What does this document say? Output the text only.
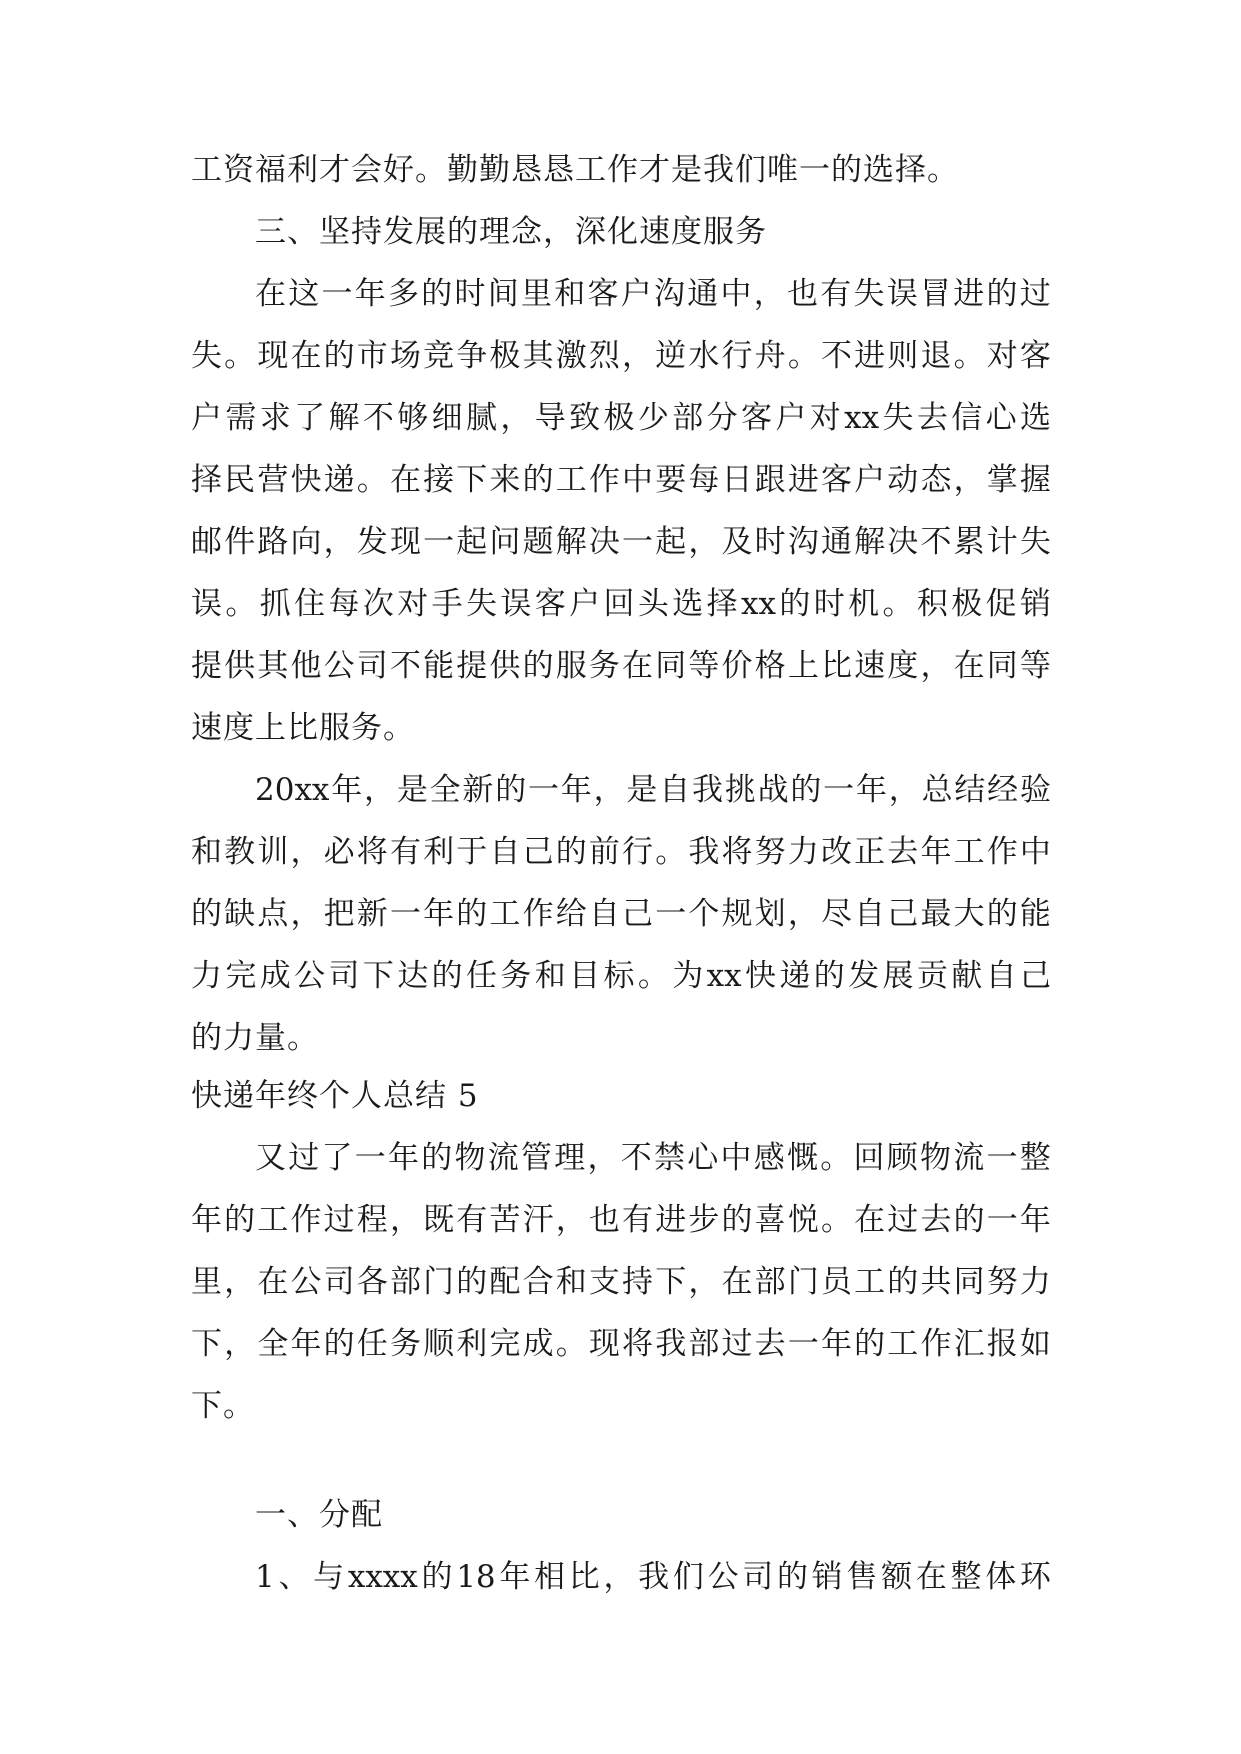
工资福利才会好。勤勤恳恳工作才是我们唯一的选择。
三、坚持发展的理念，深化速度服务
在 这 一 年 多 的 时 间 里 和 客 户 沟 通 中 ， 也 有 失 误 冒 进 的 过
失 。 现 在 的 市 场 竞 争 极 其 激 烈 ， 逆 水 行 舟 。 不 进 则 退 。 对 客
户 需 求 了 解 不 够 细 腻 ， 导 致 极 少 部 分 客 户 对 xx 失 去 信 心 选
择 民 营 快 递 。 在 接 下 来 的 工 作 中 要 每 日 跟 进 客 户 动 态 ， 掌 握
邮 件 路 向 ， 发 现 一 起 问 题 解 决 一 起 ， 及 时 沟 通 解 决 不 累 计 失
误 。 抓 住 每 次 对 手 失 误 客 户 回 头 选 择 xx 的 时 机 。 积 极 促 销
提 供 其 他 公 司 不 能 提 供 的 服 务 在 同 等 价 格 上 比 速 度 ， 在 同 等
速度上比服务。
20xx 年 ， 是 全 新 的 一 年 ， 是 自 我 挑 战 的 一 年 ， 总 结 经 验
和 教 训 ， 必 将 有 利 于 自 己 的 前 行 。 我 将 努 力 改 正 去 年 工 作 中
的 缺 点 ， 把 新 一 年 的 工 作 给 自 己 一 个 规 划 ， 尽 自 己 最 大 的 能
力 完 成 公 司 下 达 的 任 务 和 目 标 。 为 xx 快 递 的 发 展 贡 献 自 己
的力量。
快递年终个人总结 5
又 过 了 一 年 的 物 流 管 理 ， 不 禁 心 中 感 慨 。 回 顾 物 流 一 整
年 的 工 作 过 程 ， 既 有 苦 汗 ， 也 有 进 步 的 喜 悦 。 在 过 去 的 一 年
里 ， 在 公 司 各 部 门 的 配 合 和 支 持 下 ， 在 部 门 员 工 的 共 同 努 力
下 ， 全 年 的 任 务 顺 利 完 成 。 现 将 我 部 过 去 一 年 的 工 作 汇 报 如
下。
一、分配
1 、 与 xxxx 的 18 年 相 比 ， 我 们 公 司 的 销 售 额 在 整 体 环
